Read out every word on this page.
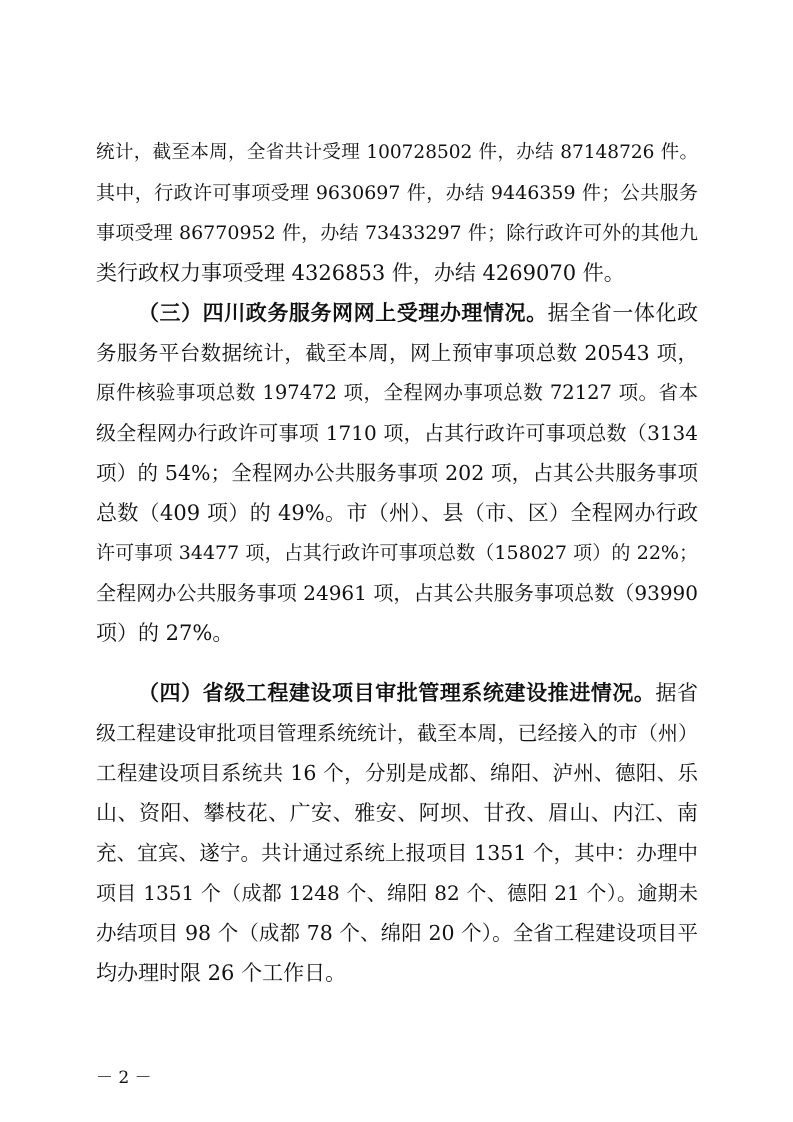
统计，截至本周，全省共计受理 100728502 件，办结 87148726 件。
其中，行政许可事项受理 9630697 件，办结 9446359 件；公共服务
事项受理 86770952 件，办结 73433297 件；除行政许可外的其他九
类行政权力事项受理 4326853 件，办结 4269070 件。
（三）四川政务服务网网上受理办理情况。据全省一体化政
务服务平台数据统计，截至本周，网上预审事项总数 20543 项，
原件核验事项总数 197472 项，全程网办事项总数 72127 项。省本
级全程网办行政许可事项 1710 项，占其行政许可事项总数（3134
项）的 54%；全程网办公共服务事项 202 项，占其公共服务事项
总数（409 项）的 49%。市（州）、县（市、区）全程网办行政
许可事项 34477 项，占其行政许可事项总数（158027 项）的 22%；
全程网办公共服务事项 24961 项，占其公共服务事项总数（93990
项）的 27%。
（四）省级工程建设项目审批管理系统建设推进情况。据省
级工程建设审批项目管理系统统计，截至本周，已经接入的市（州）
工程建设项目系统共 16 个，分别是成都、绵阳、泸州、德阳、乐
山、资阳、攀枝花、广安、雅安、阿坝、甘孜、眉山、内江、南
充、宜宾、遂宁。共计通过系统上报项目 1351 个，其中：办理中
项目 1351 个（成都 1248 个、绵阳 82 个、德阳 21 个）。逾期未
办结项目 98 个（成都 78 个、绵阳 20 个）。全省工程建设项目平
均办理时限 26 个工作日。
－ 2 －
